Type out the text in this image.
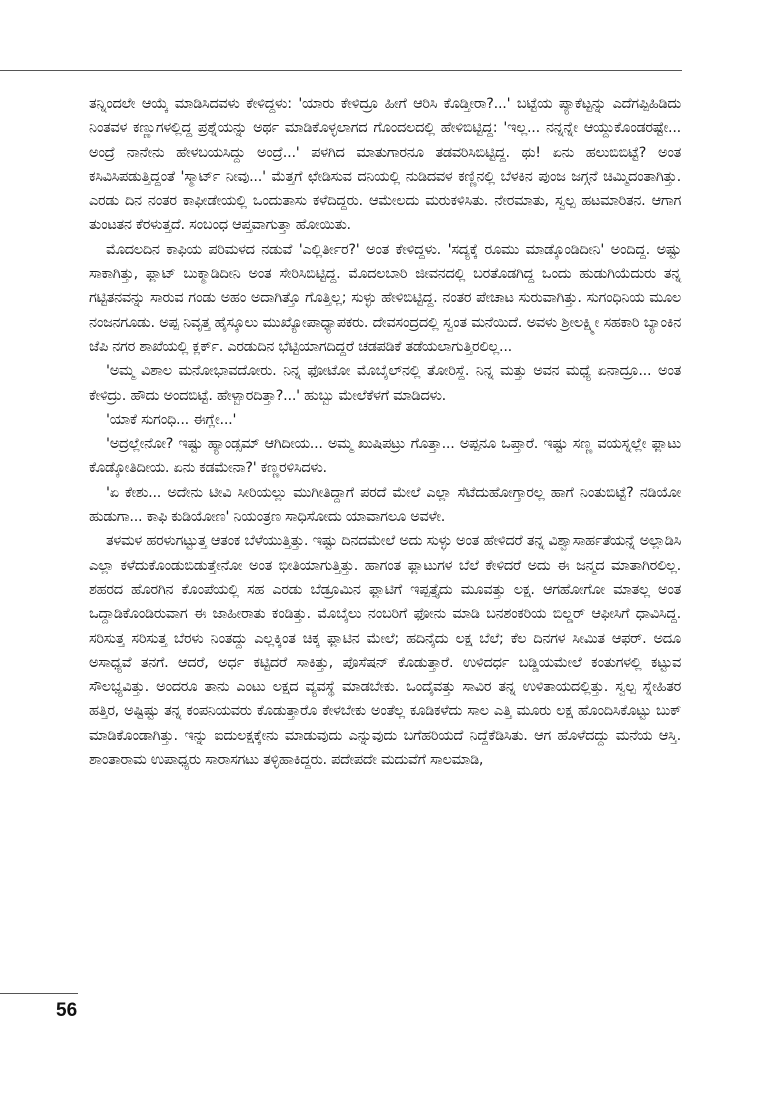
ತನ್ನಿಂದಲೇ ಆಯ್ಕೆ ಮಾಡಿಸಿದವಳು ಕೇಳಿದ್ದಳು: 'ಯಾರು ಕೇಳಿದ್ರೂ ಹೀಗೆ ಆರಿಸಿ ಕೊಡ್ತೀರಾ?...' ಬಟ್ಟೆಯ ಪ್ಯಾಕೆಟ್ಟನ್ನು ಎದೆಗಪ್ಪಿಹಿಡಿದು ನಿಂತವಳ ಕಣ್ಣುಗಳಲ್ಲಿದ್ದ ಪ್ರಶ್ನೆಯನ್ನು ಅರ್ಥ ಮಾಡಿಕೊಳ್ಳಲಾಗದ ಗೊಂದಲದಲ್ಲಿ ಹೇಳಿಬಿಟ್ಟಿದ್ದ: 'ಇಲ್ಲ... ನನ್ನನ್ನೇ ಆಯ್ದುಕೊಂಡರಷ್ಟೇ... ಅಂದ್ರೆ ನಾನೇನು ಹೇಳಬಯಸಿದ್ದು ಅಂದ್ರೆ...' ಪಳಗಿದ ಮಾತುಗಾರನೂ ತಡವರಿಸಿಬಿಟ್ಟಿದ್ದ. ಥು! ಏನು ಹಲುಬಿಬಿಟ್ಟೆ? ಅಂತ ಕಸಿವಿಸಿಪಡುತ್ತಿದ್ದಂತೆ 'ಸ್ಮಾರ್ಟ್ ನೀವು...' ಮೆತ್ತಗೆ ಛೇಡಿಸುವ ದನಿಯಲ್ಲಿ ನುಡಿದವಳ ಕಣ್ಣಿನಲ್ಲಿ ಬೆಳಕಿನ ಪುಂಜ ಜಗ್ಗನೆ ಚಿಮ್ಮಿದಂತಾಗಿತ್ತು. ಎರಡು ದಿನ ನಂತರ ಕಾಫೀಡೇಯಲ್ಲಿ ಒಂದುತಾಸು ಕಳೆದಿದ್ದರು. ಆಮೇಲದು ಮರುಕಳಿಸಿತು. ನೇರಮಾತು, ಸ್ವಲ್ಪ ಹಟಮಾರಿತನ. ಆಗಾಗ ತುಂಟತನ ಕೆರಳುತ್ತದೆ. ಸಂಬಂಧ ಆಪ್ತವಾಗುತ್ತಾ ಹೋಯಿತು.

ಮೊದಲದಿನ ಕಾಫಿಯ ಪರಿಮಳದ ನಡುವೆ 'ಎಲ್ಲಿರ್ತೀರ?' ಅಂತ ಕೇಳಿದ್ದಳು. 'ಸದ್ಯಕ್ಕೆ ರೂಮು ಮಾಡ್ಕೊಂಡಿದೀನಿ' ಅಂದಿದ್ದ. ಅಷ್ಟು ಸಾಕಾಗಿತ್ತು, ಫ್ಲಾಟ್ ಬುಕ್ಮಾಡಿದೀನಿ ಅಂತ ಸೇರಿಸಿಬಿಟ್ಟಿದ್ದ. ಮೊದಲಬಾರಿ ಜೀವನದಲ್ಲಿ ಬರತೊಡಗಿದ್ದ ಒಂದು ಹುಡುಗಿಯೆದುರು ತನ್ನ ಗಟ್ಟಿತನವನ್ನು ಸಾರುವ ಗಂಡು ಅಹಂ ಅದಾಗಿತ್ತೊ ಗೊತ್ತಿಲ್ಲ; ಸುಳ್ಳು ಹೇಳಿಬಿಟ್ಟಿದ್ದ. ನಂತರ ಪೇಚಾಟ ಸುರುವಾಗಿತ್ತು. ಸುಗಂಧಿನಿಯ ಮೂಲ ನಂಜನಗೂಡು. ಅಪ್ಪ ನಿವೃತ್ತ ಹೈಸ್ಕೂಲು ಮುಖ್ಯೋಪಾಧ್ಯಾಪಕರು. ದೇವಸಂದ್ರದಲ್ಲಿ ಸ್ವಂತ ಮನೆಯಿದೆ. ಅವಳು ಶ್ರೀಲಕ್ಷ್ಮೀ ಸಹಕಾರಿ ಬ್ಯಾಂಕಿನ ಜೆಪಿ ನಗರ ಶಾಖೆಯಲ್ಲಿ ಕ್ಲರ್ಕ್. ಎರಡುದಿನ ಭೆಟ್ಟಿಯಾಗದಿದ್ದರೆ ಚಡಪಡಿಕೆ ತಡೆಯಲಾಗುತ್ತಿರಲಿಲ್ಲ...

'ಅಮ್ಮ ವಿಶಾಲ ಮನೋಭಾವದೋರು. ನಿನ್ನ ಫೋಟೋ ಮೊಬೈಲ್‌ನಲ್ಲಿ ತೋರಿಸ್ದೆ. ನಿನ್ನ ಮತ್ತು ಅವನ ಮಧ್ಯೆ ಏನಾದ್ರೂ... ಅಂತ ಕೇಳಿದ್ರು. ಹೌದು ಅಂದಬಿಟ್ಟೆ. ಹೇಳ್ಬಾರದಿತ್ತಾ?...' ಹುಬ್ಬು ಮೇಲೆಕೆಳಗೆ ಮಾಡಿದಳು.

'ಯಾಕೆ ಸುಗಂಧಿ... ಈಗ್ಲೇ...'

'ಅದ್ರಲ್ಲೇನೋ? ಇಷ್ಟು ಹ್ಯಾಂಡ್ಸಮ್ ಆಗಿದೀಯ... ಅಮ್ಮ ಖುಷಿಪಟ್ರು ಗೊತ್ತಾ... ಅಪ್ಪನೂ ಒಪ್ತಾರೆ. ಇಷ್ಟು ಸಣ್ಣ ವಯಸ್ನಲ್ಲೇ ಫ್ಲಾಟು ಕೊಡ್ಕೋತಿದೀಯ. ಏನು ಕಡಮೇನಾ?' ಕಣ್ಣರಳಿಸಿದಳು.

'ಏ ಕೇಶು... ಅದೇನು ಟೀವಿ ಸೀರಿಯಲ್ಲು ಮುಗೀತಿದ್ದಾಗೆ ಪರದೆ ಮೇಲೆ ಎಲ್ಲಾ ಸೆಟೆದುಹೋಗ್ತಾರಲ್ಲ ಹಾಗೆ ನಿಂತುಬಿಟ್ಟೆ? ನಡಿಯೋ ಹುಡುಗಾ... ಕಾಫಿ ಕುಡಿಯೋಣ' ನಿಯಂತ್ರಣ ಸಾಧಿಸೋದು ಯಾವಾಗಲೂ ಅವಳೇ.

ತಳಮಳ ಹರಳುಗಟ್ಟುತ್ತ ಆತಂಕ ಬೆಳೆಯುತ್ತಿತ್ತು. ಇಷ್ಟು ದಿನದಮೇಲೆ ಅದು ಸುಳ್ಳು ಅಂತ ಹೇಳಿದರೆ ತನ್ನ ವಿಶ್ವಾಸಾರ್ಹತೆಯನ್ನೆ ಅಲ್ಲಾಡಿಸಿ ಎಲ್ಲಾ ಕಳೆದುಕೊಂಡುಬಿಡುತ್ತೇನೋ ಅಂತ ಭೀತಿಯಾಗುತ್ತಿತ್ತು. ಹಾಗಂತ ಫ್ಲಾಟುಗಳ ಬೆಲೆ ಕೇಳಿದರೆ ಅದು ಈ ಜನ್ಮದ ಮಾತಾಗಿರಲಿಲ್ಲ. ಶಹರದ ಹೊರಗಿನ ಕೊಂಪೆಯಲ್ಲಿ ಸಹ ಎರಡು ಬೆಡ್ರೂಮಿನ ಫ್ಲಾಟಿಗೆ ಇಪ್ಪತ್ತೈದು ಮೂವತ್ತು ಲಕ್ಷ. ಆಗಹೋಗೋ ಮಾತಲ್ಲ ಅಂತ ಒದ್ದಾಡಿಕೊಂಡಿರುವಾಗ ಈ ಜಾಹೀರಾತು ಕಂಡಿತ್ತು. ಮೊಬೈಲು ನಂಬರಿಗೆ ಫೋನು ಮಾಡಿ ಬನಶಂಕರಿಯ ಬಿಲ್ಡರ್ ಆಫೀಸಿಗೆ ಧಾವಿಸಿದ್ದ. ಸರಿಸುತ್ತ ಸರಿಸುತ್ತ ಬೆರಳು ನಿಂತದ್ದು ಎಲ್ಲಕ್ಕಿಂತ ಚಿಕ್ಕ ಫ್ಲಾಟಿನ ಮೇಲೆ; ಹದಿನೈದು ಲಕ್ಷ ಬೆಲೆ; ಕೆಲ ದಿನಗಳ ಸೀಮಿತ ಆಫರ್. ಅದೂ ಅಸಾಧ್ಯವೆ ತನಗೆ. ಆದರೆ, ಅರ್ಧ ಕಟ್ಟಿದರೆ ಸಾಕಿತ್ತು, ಪೊಸೆಷನ್ ಕೊಡುತ್ತಾರೆ. ಉಳಿದರ್ಧ ಬಡ್ಡಿಯಮೇಲೆ ಕಂತುಗಳಲ್ಲಿ ಕಟ್ಟುವ ಸೌಲಭ್ಯವಿತ್ತು. ಅಂದರೂ ತಾನು ಎಂಟು ಲಕ್ಷದ ವ್ಯವಸ್ಥೆ ಮಾಡಬೇಕು. ಒಂದೈವತ್ತು ಸಾವಿರ ತನ್ನ ಉಳಿತಾಯದಲ್ಲಿತ್ತು. ಸ್ವಲ್ಪ ಸ್ನೇಹಿತರ ಹತ್ತಿರ, ಅಷ್ಟಿಷ್ಟು ತನ್ನ ಕಂಪನಿಯವರು ಕೊಡುತ್ತಾರೊ ಕೇಳಬೇಕು ಅಂತೆಲ್ಲ ಕೂಡಿಕಳೆದು ಸಾಲ ಎತ್ತಿ ಮೂರು ಲಕ್ಷ ಹೊಂದಿಸಿಕೊಟ್ಟು ಬುಕ್ ಮಾಡಿಕೊಂಡಾಗಿತ್ತು. ಇನ್ನು ಐದುಲಕ್ಷಕ್ಕೇನು ಮಾಡುವುದು ಎನ್ನುವುದು ಬಗೆಹರಿಯದೆ ನಿದ್ದೆಕೆಡಿಸಿತು. ಆಗ ಹೊಳೆದದ್ದು ಮನೆಯ ಆಸ್ತಿ. ಶಾಂತಾರಾಮ ಉಪಾಧ್ಯರು ಸಾರಾಸಗಟು ತಳ್ಳಿಹಾಕಿದ್ದರು. ಪದೇಪದೇ ಮದುವೆಗೆ ಸಾಲಮಾಡಿ,

56
